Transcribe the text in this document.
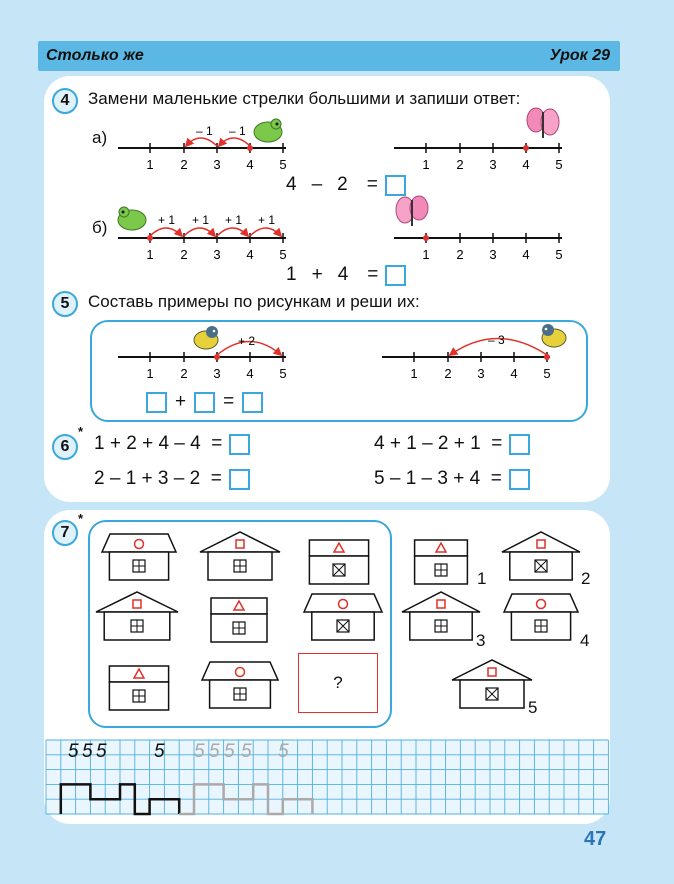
Столько же	Урок 29
4	Замени маленькие стрелки большими и запиши ответ:
а)
б)
1 2 3 4 5
– 1 – 1
1 2 3 4 5
1 2 3 4 5
+ 1 + 1 + 1 + 1
1 2 3 4 5
1 2 3 4 5
+ 2
1 2 3 4 5
– 3
4 – 2 =
1 + 4 =
5	Составь примеры по рисункам и реши их:
+ =
6
*
1 + 2 + 4 – 4  =	4 + 1 – 2 + 1  =
2 – 1 + 3 – 2  =	5 – 1 – 3 + 4  =
7
*
?
1	2
3	4
5
5 5 5 5 5 5 5 5 5
47
